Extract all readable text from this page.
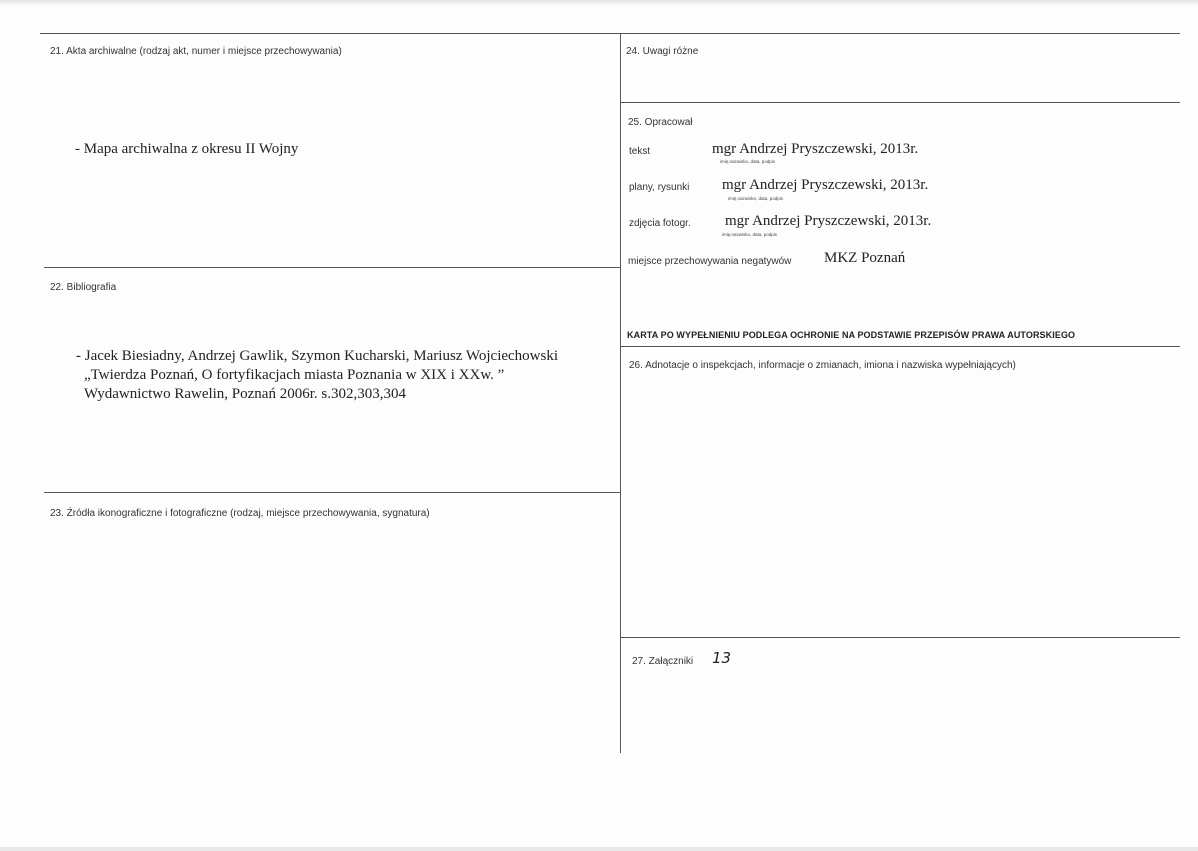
21. Akta archiwalne (rodzaj akt, numer i miejsce przechowywania)
- Mapa archiwalna z okresu II Wojny
22. Bibliografia
- Jacek Biesiadny, Andrzej Gawlik, Szymon Kucharski, Mariusz Wojciechowski
„Twierdza Poznań, O fortyfikacjach miasta Poznania w XIX i XXw. ”
Wydawnictwo Rawelin, Poznań 2006r. s.302,303,304
23. Źródła ikonograficzne i fotograficzne (rodzaj, miejsce przechowywania, sygnatura)
24. Uwagi różne
25. Opracował
tekst	mgr Andrzej Pryszczewski, 2013r.
imię,nazwisko, data, podpis
plany, rysunki mgr Andrzej Pryszczewski, 2013r.
imię,nazwisko, data, podpis
zdjęcia fotogr. mgr Andrzej Pryszczewski, 2013r.
imię,nazwisko, data, podpis
miejsce przechowywania negatywów MKZ Poznań
KARTA PO WYPEŁNIENIU PODLEGA OCHRONIE NA PODSTAWIE PRZEPISÓW PRAWA AUTORSKIEGO
26. Adnotacje o inspekcjach, informacje o zmianach, imiona i nazwiska wypełniających)
27. Załączniki 13
